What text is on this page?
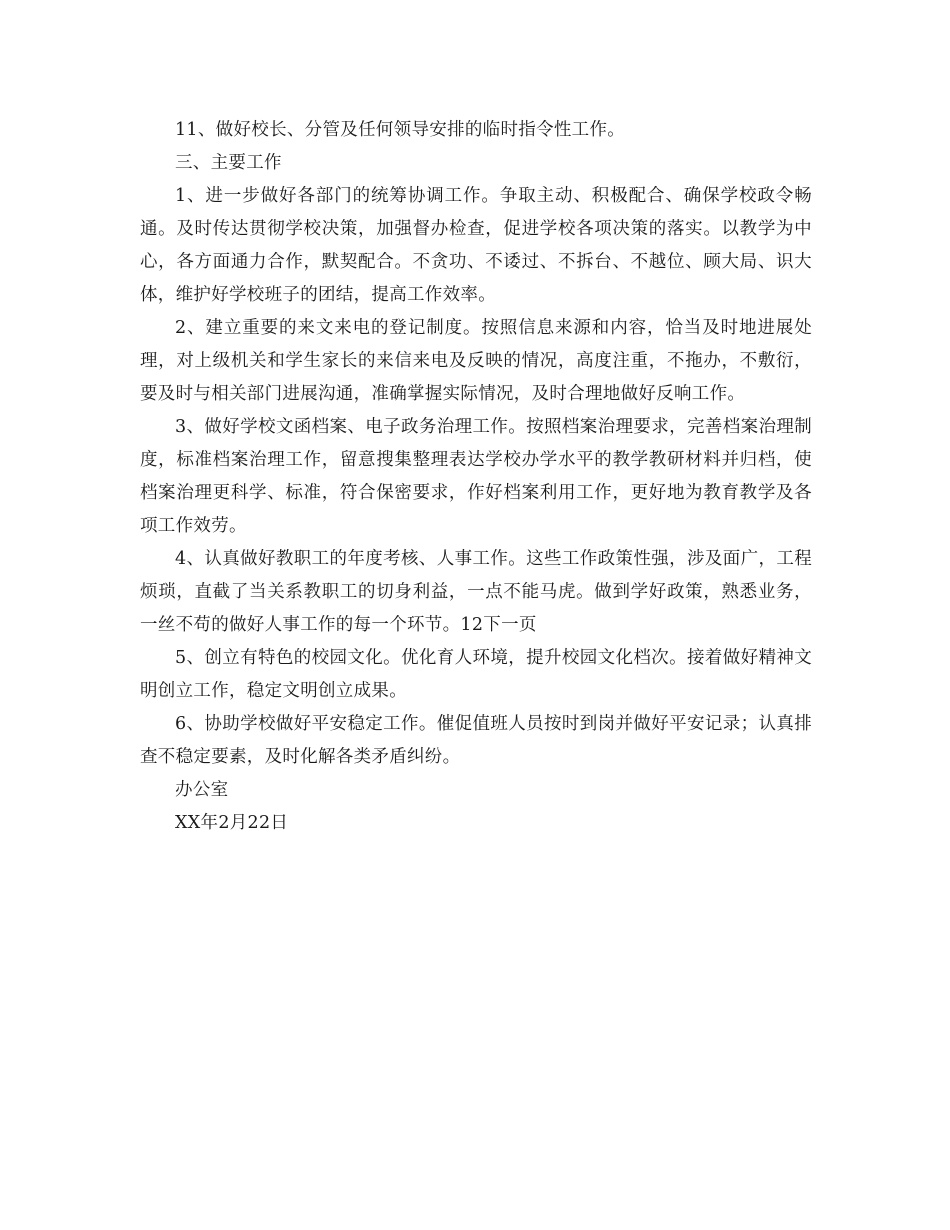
11、做好校长、分管及任何领导安排的临时指令性工作。

三、主要工作

1、进一步做好各部门的统筹协调工作。争取主动、积极配合、确保学校政令畅通。及时传达贯彻学校决策，加强督办检查，促进学校各项决策的落实。以教学为中心，各方面通力合作，默契配合。不贪功、不诿过、不拆台、不越位、顾大局、识大体，维护好学校班子的团结，提高工作效率。

2、建立重要的来文来电的登记制度。按照信息来源和内容，恰当及时地进展处理，对上级机关和学生家长的来信来电及反映的情况，高度注重，不拖办，不敷衍，要及时与相关部门进展沟通，准确掌握实际情况，及时合理地做好反响工作。

3、做好学校文函档案、电子政务治理工作。按照档案治理要求，完善档案治理制度，标准档案治理工作，留意搜集整理表达学校办学水平的教学教研材料并归档，使档案治理更科学、标准，符合保密要求，作好档案利用工作，更好地为教育教学及各项工作效劳。

4、认真做好教职工的年度考核、人事工作。这些工作政策性强，涉及面广，工程烦琐，直截了当关系教职工的切身利益，一点不能马虎。做到学好政策，熟悉业务，一丝不苟的做好人事工作的每一个环节。12下一页

5、创立有特色的校园文化。优化育人环境，提升校园文化档次。接着做好精神文明创立工作，稳定文明创立成果。

6、协助学校做好平安稳定工作。催促值班人员按时到岗并做好平安记录；认真排查不稳定要素，及时化解各类矛盾纠纷。

办公室

XX年2月22日
